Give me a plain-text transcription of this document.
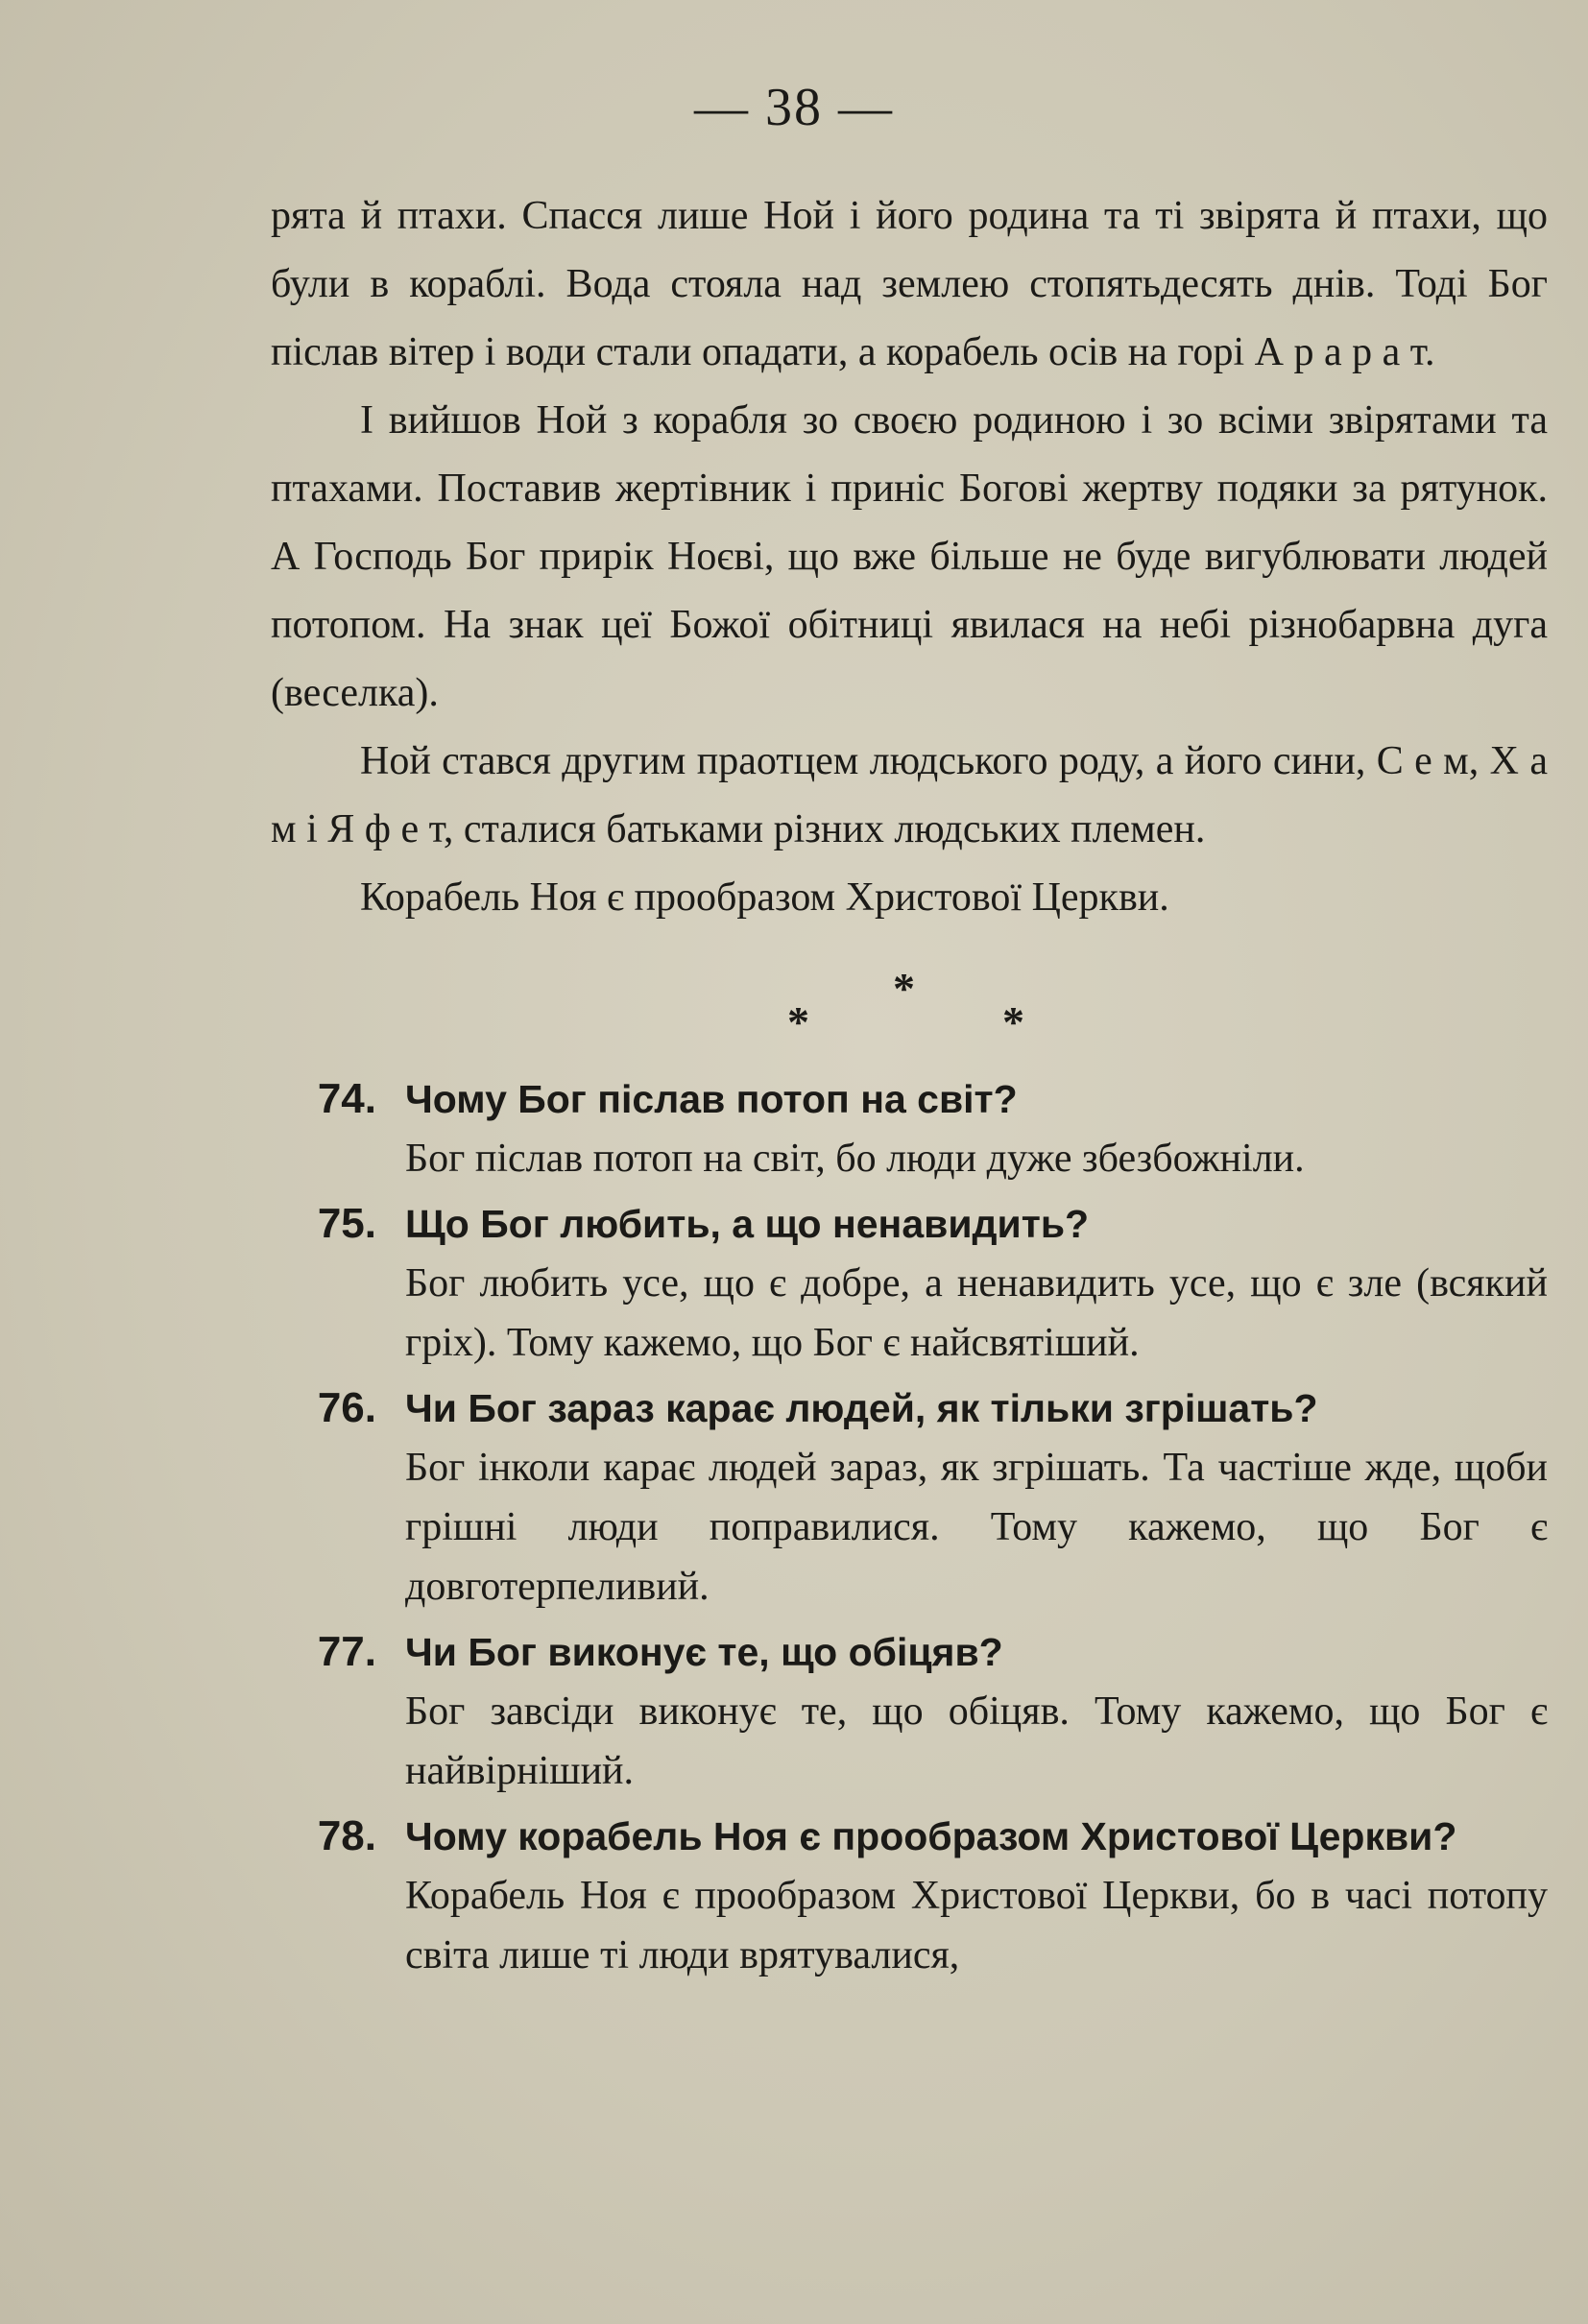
— 38 —

рята й птахи. Спасся лише Ной і його родина та ті звірята й птахи, що були в кораблі. Вода стояла над землею стопятьдесять днів. Тоді Бог післав вітер і води стали опадати, а корабель осів на горі А р а р а т.

І вийшов Ной з корабля зо своєю родиною і зо всіми звірятами та птахами. Поставив жертівник і приніс Богові жертву подяки за рятунок. А Господь Бог прирік Ноєві, що вже більше не буде вигублювати людей потопом. На знак цеї Божої обітниці явилася на небі різнобарвна дуга (веселка).

Ной стався другим праотцем людського роду, а його сини, С е м, Х а м і Я ф е т, сталися батьками різних людських племен.

Корабель Ноя є прообразом Христової Церкви.

*
*	*
74. Чому Бог післав потоп на світ?

Бог післав потоп на світ, бо люди дуже збезбожніли.

75. Що Бог любить, а що ненавидить?

Бог любить усе, що є добре, а ненавидить усе, що є зле (всякий гріх). Тому кажемо, що Бог є найсвятіший.

76. Чи Бог зараз карає людей, як тільки згрішать?

Бог інколи карає людей зараз, як згрішать. Та частіше жде, щоби грішні люди поправилися. Тому кажемо, що Бог є довготерпеливий.

77. Чи Бог виконує те, що обіцяв?

Бог завсіди виконує те, що обіцяв. Тому кажемо, що Бог є найвірніший.

78. Чому корабель Ноя є прообразом Христової Церкви?

Корабель Ноя є прообразом Христової Церкви, бо в часі потопу світа лише ті люди врятувалися,
